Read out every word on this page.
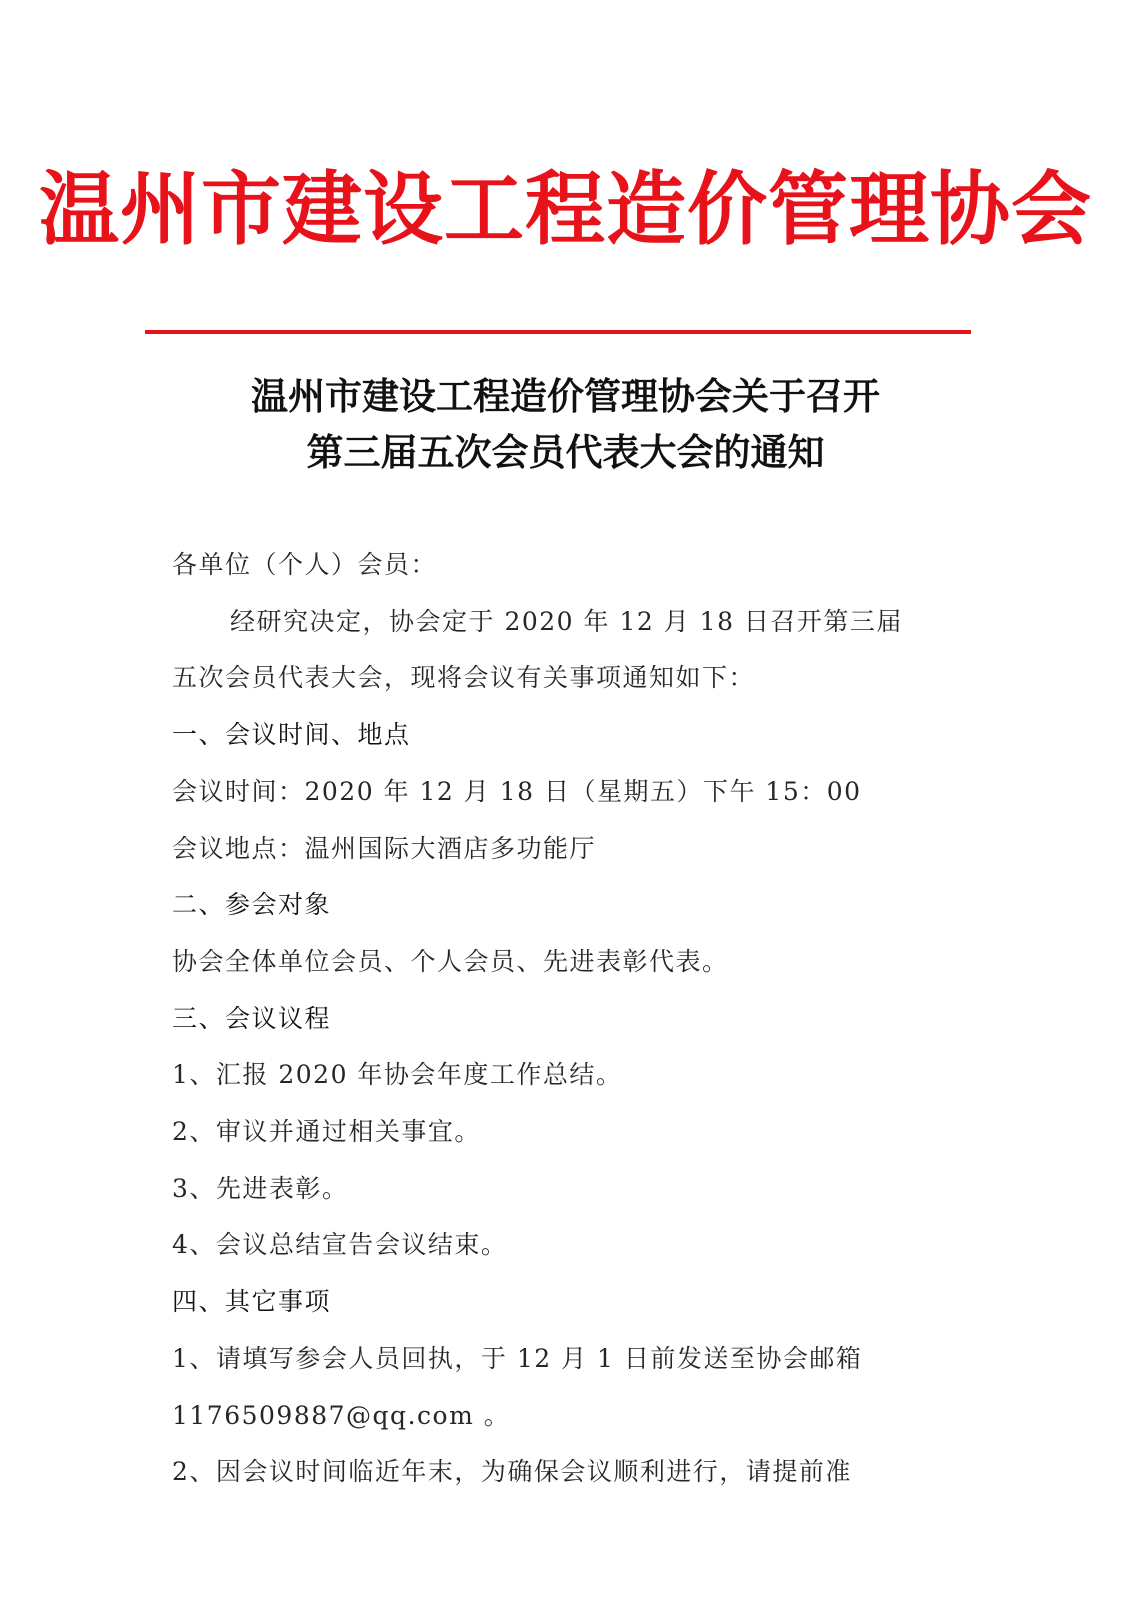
温州市建设工程造价管理协会
温州市建设工程造价管理协会关于召开
第三届五次会员代表大会的通知

各单位（个人）会员：

经研究决定，协会定于 2020 年 12 月 18 日召开第三届

五次会员代表大会，现将会议有关事项通知如下：

一、会议时间、地点

会议时间：2020 年 12 月 18 日（星期五）下午 15：00

会议地点：温州国际大酒店多功能厅

二、参会对象

协会全体单位会员、个人会员、先进表彰代表。

三、会议议程

1、汇报 2020 年协会年度工作总结。

2、审议并通过相关事宜。

3、先进表彰。

4、会议总结宣告会议结束。

四、其它事项

1、请填写参会人员回执，于 12 月 1 日前发送至协会邮箱

1176509887@qq.com 。

2、因会议时间临近年末，为确保会议顺利进行，请提前准
